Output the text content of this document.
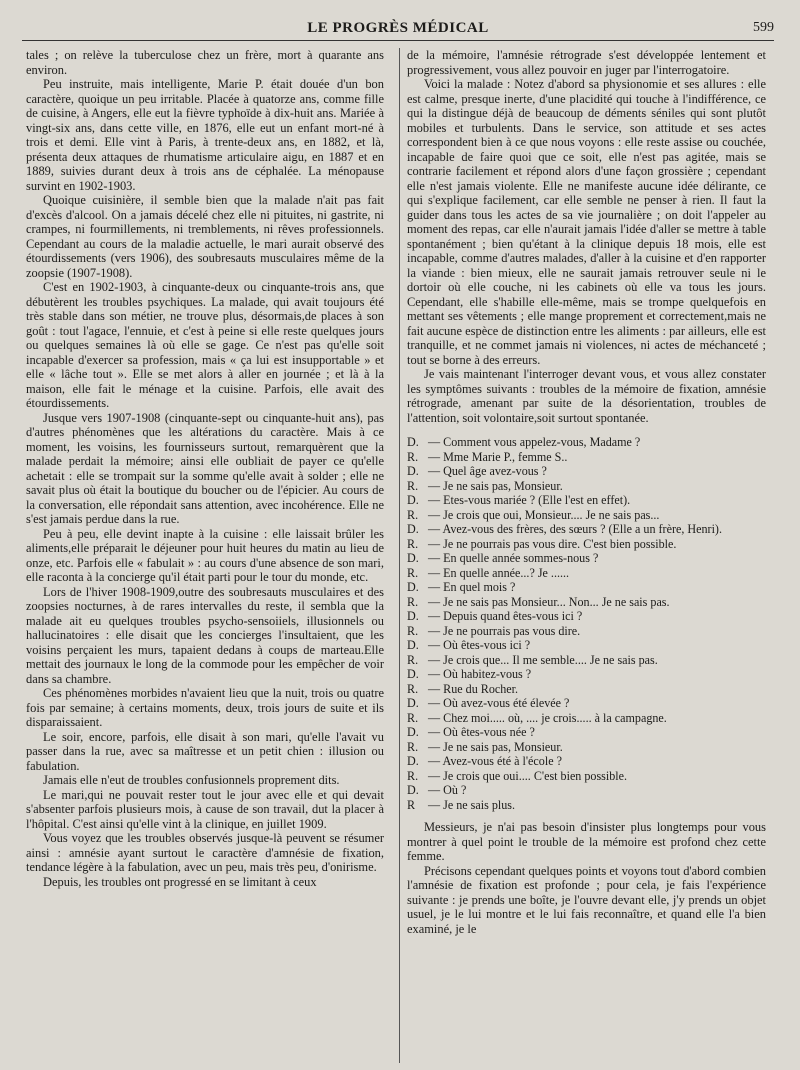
LE PROGRÈS MÉDICAL	599

tales ; on relève la tuberculose chez un frère, mort à quarante ans environ.

Peu instruite, mais intelligente, Marie P. était douée d'un bon caractère, quoique un peu irritable. Placée à quatorze ans, comme fille de cuisine, à Angers, elle eut la fièvre typhoïde à dix-huit ans. Mariée à vingt-six ans, dans cette ville, en 1876, elle eut un enfant mort-né à trois et demi. Elle vint à Paris, à trente-deux ans, en 1882, et là, présenta deux attaques de rhumatisme articulaire aigu, en 1887 et en 1889, suivies durant deux à trois ans de céphalée. La ménopause survint en 1902-1903.

Quoique cuisinière, il semble bien que la malade n'ait pas fait d'excès d'alcool. On a jamais décelé chez elle ni pituites, ni gastrite, ni crampes, ni fourmillements, ni tremblements, ni rêves professionnels. Cependant au cours de la maladie actuelle, le mari aurait observé des étourdissements (vers 1906), des soubresauts musculaires même de la zoopsie (1907-1908).

C'est en 1902-1903, à cinquante-deux ou cinquante-trois ans, que débutèrent les troubles psychiques. La malade, qui avait toujours été très stable dans son métier, ne trouve plus, désormais,de places à son goût : tout l'agace, l'ennuie, et c'est à peine si elle reste quelques jours ou quelques semaines là où elle se gage. Ce n'est pas qu'elle soit incapable d'exercer sa profession, mais « ça lui est insupportable » et elle « lâche tout ». Elle se met alors à aller en journée ; et là à la maison, elle fait le ménage et la cuisine. Parfois, elle avait des étourdissements.

Jusque vers 1907-1908 (cinquante-sept ou cinquante-huit ans), pas d'autres phénomènes que les altérations du caractère. Mais à ce moment, les voisins, les fournisseurs surtout, remarquèrent que la malade perdait la mémoire; ainsi elle oubliait de payer ce qu'elle achetait : elle se trompait sur la somme qu'elle avait à solder ; elle ne savait plus où était la boutique du boucher ou de l'épicier. Au cours de la conversation, elle répondait sans attention, avec incohérence. Elle ne s'est jamais perdue dans la rue.

Peu à peu, elle devint inapte à la cuisine : elle laissait brûler les aliments,elle préparait le déjeuner pour huit heures du matin au lieu de onze, etc. Parfois elle « fabulait » : au cours d'une absence de son mari, elle raconta à la concierge qu'il était parti pour le tour du monde, etc.

Lors de l'hiver 1908-1909,outre des soubresauts musculaires et des zoopsies nocturnes, à de rares intervalles du reste, il sembla que la malade ait eu quelques troubles psycho-sensoiiels, illusionnels ou hallucinatoires : elle disait que les concierges l'insultaient, que les voisins perçaient les murs, tapaient dedans à coups de marteau.Elle mettait des journaux le long de la commode pour les empêcher de voir dans sa chambre.

Ces phénomènes morbides n'avaient lieu que la nuit, trois ou quatre fois par semaine; à certains moments, deux, trois jours de suite et ils disparaissaient.

Le soir, encore, parfois, elle disait à son mari, qu'elle l'avait vu passer dans la rue, avec sa maîtresse et un petit chien : illusion ou fabulation.

Jamais elle n'eut de troubles confusionnels proprement dits.

Le mari,qui ne pouvait rester tout le jour avec elle et qui devait s'absenter parfois plusieurs mois, à cause de son travail, dut la placer à l'hôpital. C'est ainsi qu'elle vint à la clinique, en juillet 1909.

Vous voyez que les troubles observés jusque-là peuvent se résumer ainsi : amnésie ayant surtout le caractère d'amnésie de fixation, tendance légère à la fabulation, avec un peu, mais très peu, d'onirisme.

Depuis, les troubles ont progressé en se limitant à ceux

de la mémoire, l'amnésie rétrograde s'est développée lentement et progressivement, vous allez pouvoir en juger par l'interrogatoire.

Voici la malade : Notez d'abord sa physionomie et ses allures : elle est calme, presque inerte, d'une placidité qui touche à l'indifférence, ce qui la distingue déjà de beaucoup de déments séniles qui sont plutôt mobiles et turbulents. Dans le service, son attitude et ses actes correspondent bien à ce que nous voyons : elle reste assise ou couchée, incapable de faire quoi que ce soit, elle n'est pas agitée, mais se contrarie facilement et répond alors d'une façon grossière ; cependant elle n'est jamais violente. Elle ne manifeste aucune idée délirante, ce qui s'explique facilement, car elle semble ne penser à rien. Il faut la guider dans tous les actes de sa vie journalière ; on doit l'appeler au moment des repas, car elle n'aurait jamais l'idée d'aller se mettre à table spontanément ; bien qu'étant à la clinique depuis 18 mois, elle est incapable, comme d'autres malades, d'aller à la cuisine et d'en rapporter la viande : bien mieux, elle ne saurait jamais retrouver seule ni le dortoir où elle couche, ni les cabinets où elle va tous les jours. Cependant, elle s'habille elle-même, mais se trompe quelquefois en mettant ses vêtements ; elle mange proprement et correctement,mais ne fait aucune espèce de distinction entre les aliments : par ailleurs, elle est tranquille, et ne commet jamais ni violences, ni actes de méchanceté ; tout se borne à des erreurs.

Je vais maintenant l'interroger devant vous, et vous allez constater les symptômes suivants : troubles de la mémoire de fixation, amnésie rétrograde, amenant par suite de la désorientation, troubles de l'attention, soit volontaire,soit surtout spontanée.

D. — Comment vous appelez-vous, Madame ?
R. — Mme Marie P., femme S..
D. — Quel âge avez-vous ?
R. — Je ne sais pas, Monsieur.
D. — Etes-vous mariée ? (Elle l'est en effet).
R. — Je crois que oui, Monsieur.... Je ne sais pas...
D. — Avez-vous des frères, des sœurs ? (Elle a un frère, Henri).
R. — Je ne pourrais pas vous dire. C'est bien possible.
D. — En quelle année sommes-nous ?
R. — En quelle année...? Je ......
D. — En quel mois ?
R. — Je ne sais pas Monsieur... Non... Je ne sais pas.
D. — Depuis quand êtes-vous ici ?
R. — Je ne pourrais pas vous dire.
D. — Où êtes-vous ici ?
R. — Je crois que... Il me semble.... Je ne sais pas.
D. — Où habitez-vous ?
R. — Rue du Rocher.
D. — Où avez-vous été élevée ?
R. — Chez moi..... où, .... je crois..... à la campagne.
D. — Où êtes-vous née ?
R. — Je ne sais pas, Monsieur.
D. — Avez-vous été à l'école ?
R. — Je crois que oui.... C'est bien possible.
D. — Où ?
R — Je ne sais plus.

Messieurs, je n'ai pas besoin d'insister plus longtemps pour vous montrer à quel point le trouble de la mémoire est profond chez cette femme.

Précisons cependant quelques points et voyons tout d'abord combien l'amnésie de fixation est profonde ; pour cela, je fais l'expérience suivante : je prends une boîte, je l'ouvre devant elle, j'y prends un objet usuel, je le lui montre et le lui fais reconnaître, et quand elle l'a bien examiné, je le
